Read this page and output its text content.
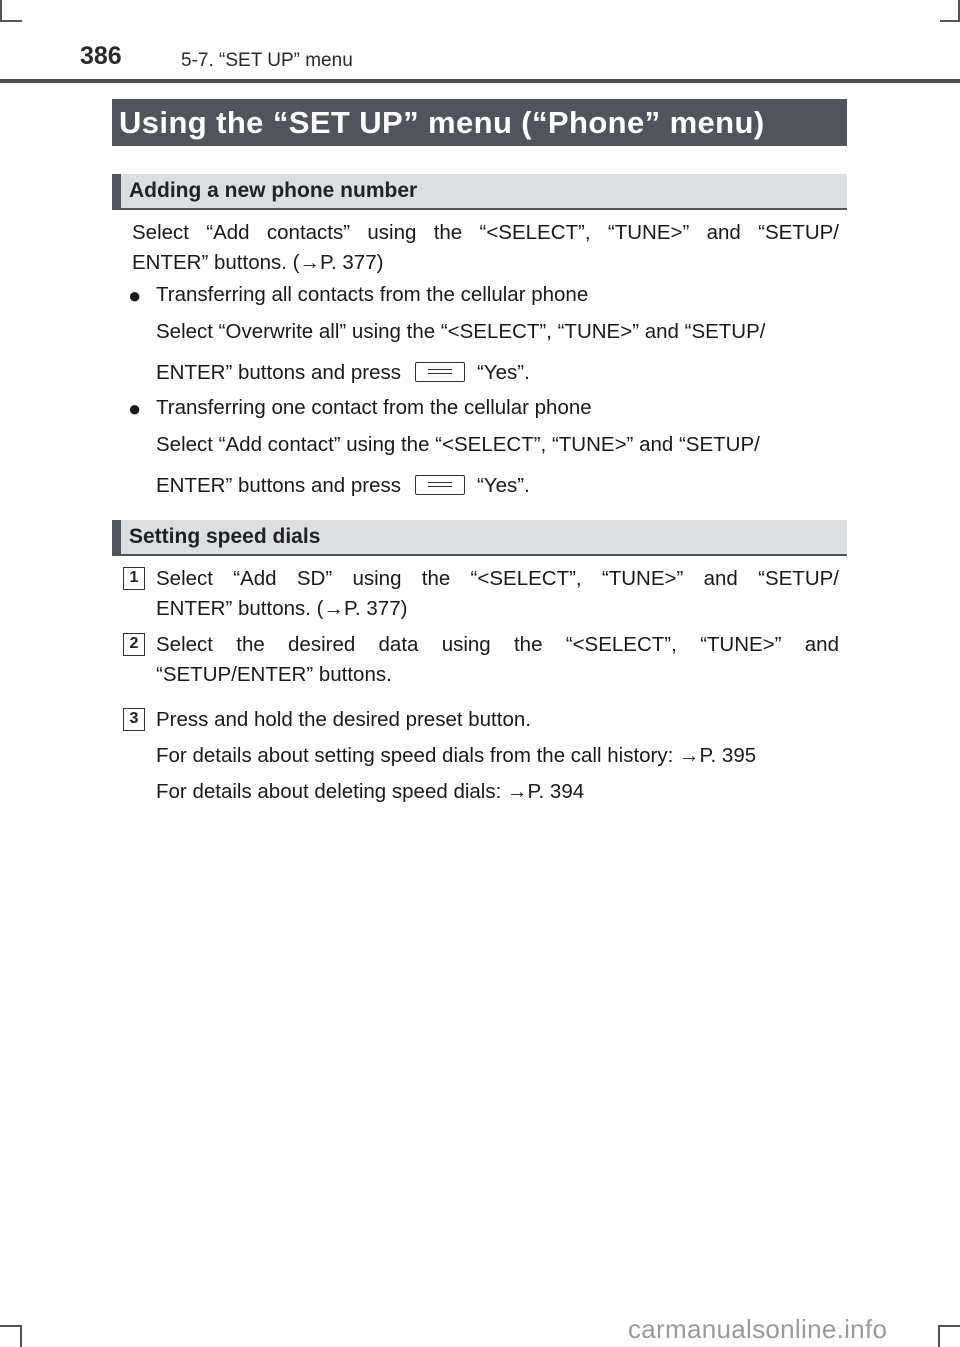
386	5-7. “SET UP” menu
Using the “SET UP” menu (“Phone” menu)
Adding a new phone number
Select “Add contacts” using the “<SELECT”, “TUNE>” and “SETUP/
ENTER” buttons. (→P. 377)
● Transferring all contacts from the cellular phone
Select “Overwrite all” using the “<SELECT”, “TUNE>” and “SETUP/
ENTER” buttons and press	“Yes”.
● Transferring one contact from the cellular phone
Select “Add contact” using the “<SELECT”, “TUNE>” and “SETUP/
ENTER” buttons and press	“Yes”.
Setting speed dials
1 Select “Add SD” using the “<SELECT”, “TUNE>” and “SETUP/
ENTER” buttons. (→P. 377)
2 Select the desired data using the “<SELECT”, “TUNE>” and
“SETUP/ENTER” buttons.
3 Press and hold the desired preset button.
For details about setting speed dials from the call history: →P. 395
For details about deleting speed dials: →P. 394
carmanualsonline.info
